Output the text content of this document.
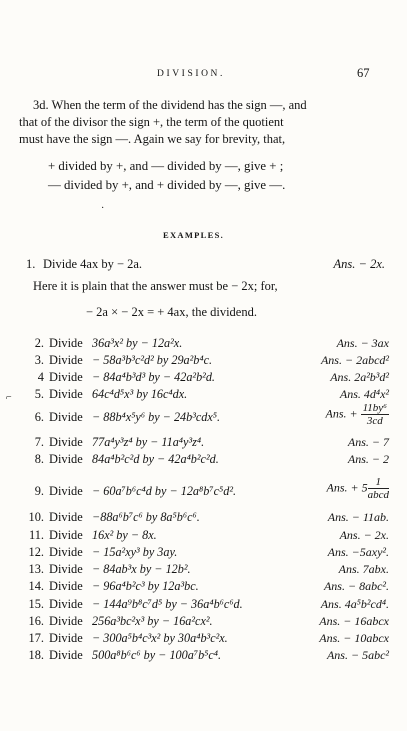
DIVISION.	67
3d. When the term of the dividend has the sign —, and
that of the divisor the sign +, the term of the quotient
must have the sign —. Again we say for brevity, that,
+ divided by +, and — divided by —, give + ;
— divided by +, and + divided by —, give —.
·
EXAMPLES.
1. Divide 4ax by − 2a.	Ans. − 2x.
Here it is plain that the answer must be − 2x; for,
− 2a × − 2x = + 4ax, the dividend.
⌐
2. Divide 36a³x² by − 12a²x.	Ans. − 3ax
3. Divide − 58a³b³c²d² by 29a²b⁴c.	Ans. − 2abcd²
4 Divide − 84a⁴b³d³ by − 42a²b²d.	Ans. 2a²b³d²
5. Divide 64c⁴d⁵x³ by 16c⁴dx.	Ans. 4d⁴x²
6. Divide − 88b⁴x⁵y⁶ by − 24b³cdx⁵.	Ans. + $\frac{\text{11by⁶}}{3cd}$
7. Divide 77a⁴y³z⁴ by − 11a⁴y³z⁴.	Ans. − 7
8. Divide 84a⁴b²c²d by − 42a⁴b²c²d.	Ans. − 2
9. Divide − 60a⁷b⁶c⁴d by − 12a⁸b⁷c⁵d².	Ans. + $5 \frac{1}{\text{abcd}}$
10. Divide −88a⁶b⁷c⁶ by 8a⁵b⁶c⁶.	Ans. − 11ab.
11. Divide 16x² by − 8x.	Ans. − 2x.
12. Divide − 15a²xy³ by 3ay.	Ans. −5axy².
13. Divide − 84ab³x by − 12b².	Ans. 7abx.
14. Divide − 96a⁴b²c³ by 12a³bc.	Ans. − 8abc².
15. Divide − 144a⁹b⁸c⁷d⁵ by − 36a⁴b⁶c⁶d.	Ans. 4a⁵b²cd⁴.
16. Divide 256a³bc²x³ by − 16a²cx².	Ans. − 16abcx
17. Divide − 300a⁵b⁴c³x² by 30a⁴b³c²x.	Ans. − 10abcx
18. Divide 500a⁸b⁶c⁶ by − 100a⁷b⁵c⁴.	Ans. − 5abc²
